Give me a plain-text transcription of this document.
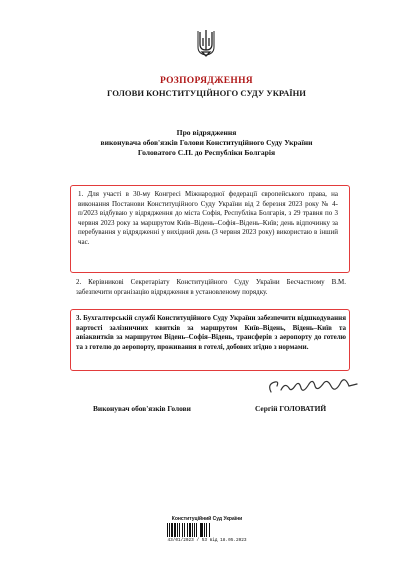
РОЗПОРЯДЖЕННЯ
ГОЛОВИ КОНСТИТУЦІЙНОГО СУДУ УКРАЇНИ
Про відрядження
виконувача обов'язків Голови Конституційного Суду України
Головатого С.П. до Республіки Болгарія
1. Для участі в 30-му Конгресі Міжнародної федерації європейського права, на виконання Постанови Конституційного Суду України від 2 березня 2023 року № 4-п/2023 відбуваю у відрядження до міста Софія, Республіка Болгарія, з 29 травня по 3 червня 2023 року за маршрутом Київ–Відень–Софія–Відень–Київ; день відпочинку за перебування у відрядженні у вихідний день (3 червня 2023 року) використаю в інший час.
2. Керівникові Секретаріату Конституційного Суду України Бесчастному В.М. забезпечити організацію відрядження в установленому порядку.
3. Бухгалтерській службі Конституційного Суду України забезпечити відшкодування вартості залізничних квитків за маршрутом Київ–Відень, Відень–Київ та авіаквитків за маршрутом Відень–Софія–Відень, трансферів з аеропорту до готелю та з готелю до аеропорту, проживання в готелі, добових згідно з нормами.
Виконувач обов'язків Голови	Сергій ГОЛОВАТИЙ
Конституційний Суд України
43/01/2023 / 53 від 18.05.2023
